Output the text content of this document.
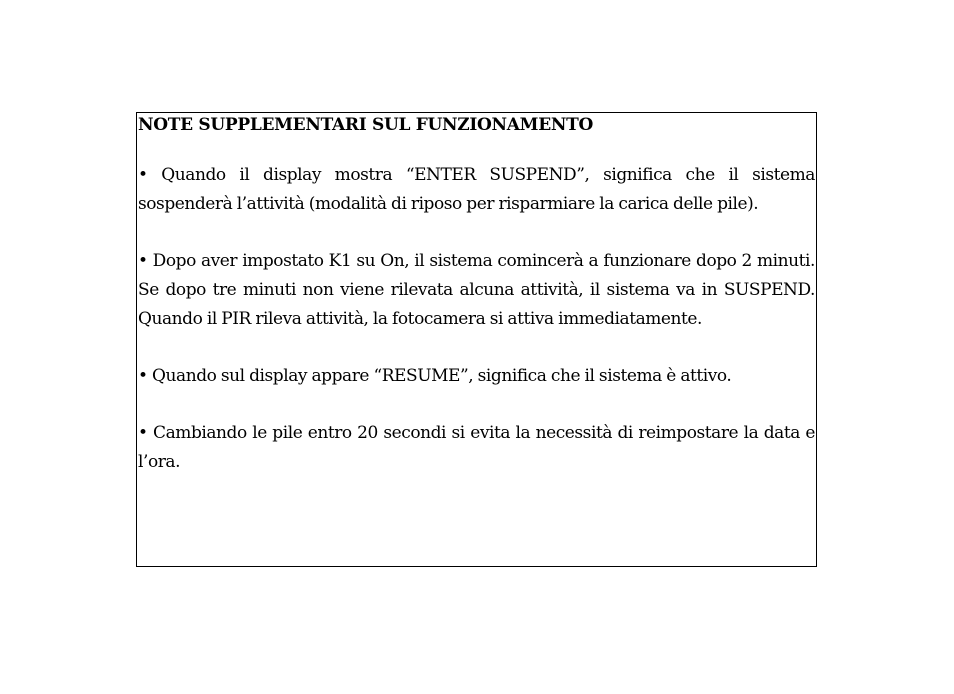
NOTE SUPPLEMENTARI SUL FUNZIONAMENTO

• Quando il display mostra “ENTER SUSPEND”, significa che il sistema sospenderà l’attività (modalità di riposo per risparmiare la carica delle pile).

• Dopo aver impostato K1 su On, il sistema comincerà a funzionare dopo 2 minuti. Se dopo tre minuti non viene rilevata alcuna attività, il sistema va in SUSPEND. Quando il PIR rileva attività, la fotocamera si attiva immediatamente.

• Quando sul display appare “RESUME”, significa che il sistema è attivo.

• Cambiando le pile entro 20 secondi si evita la necessità di reimpostare la data e l’ora.
